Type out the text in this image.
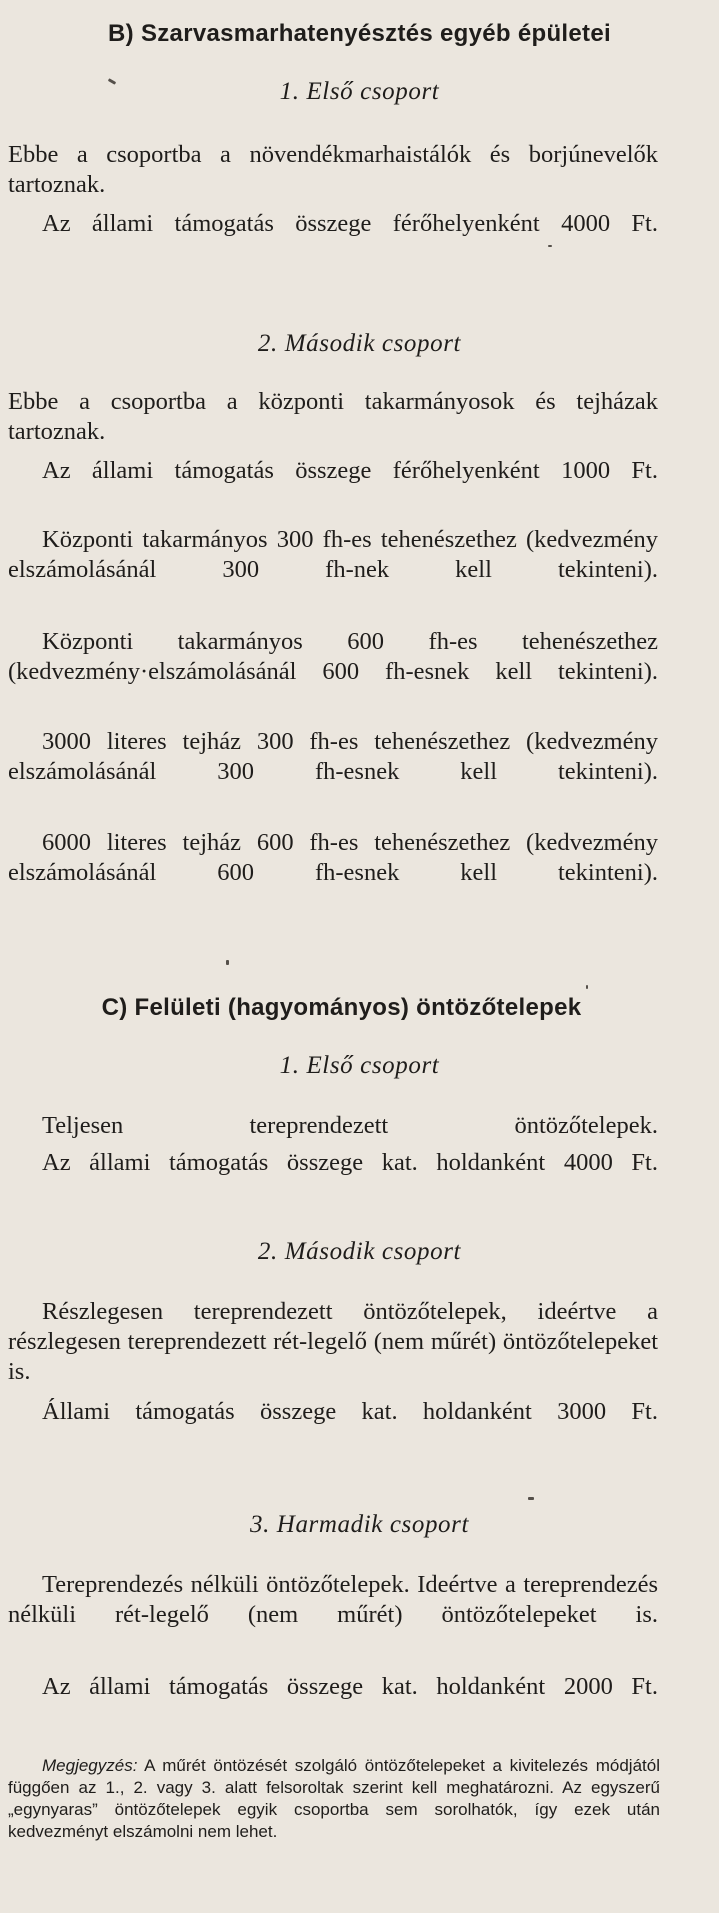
B) Szarvasmarhatenyésztés egyéb épületei
1. Első csoport
Ebbe a csoportba a növendékmarhaistálók és borjúnevelők tartoznak.
Az állami támogatás összege férőhelyenként 4000 Ft.
2. Második csoport
Ebbe a csoportba a központi takarmányosok és tejházak tartoznak.
Az állami támogatás összege férőhelyenként 1000 Ft.
Központi takarmányos 300 fh-es tehenészethez (kedvezmény elszámolásánál 300 fh-nek kell tekinteni).
Központi takarmányos 600 fh-es tehenészethez (kedvezmény·elszámolásánál 600 fh-esnek kell tekinteni).
3000 literes tejház 300 fh-es tehenészethez (kedvezmény elszámolásánál 300 fh-esnek kell tekinteni).
6000 literes tejház 600 fh-es tehenészethez (kedvezmény elszámolásánál 600 fh-esnek kell tekinteni).
C) Felületi (hagyományos) öntözőtelepek
1. Első csoport
Teljesen tereprendezett öntözőtelepek.
Az állami támogatás összege kat. holdanként 4000 Ft.
2. Második csoport
Részlegesen tereprendezett öntözőtelepek, ideértve a részlegesen tereprendezett rét-legelő (nem műrét) öntözőtelepeket is.
Állami támogatás összege kat. holdanként 3000 Ft.
3. Harmadik csoport
Tereprendezés nélküli öntözőtelepek. Ideértve a tereprendezés nélküli rét-legelő (nem műrét) öntözőtelepeket is.
Az állami támogatás összege kat. holdanként 2000 Ft.
Megjegyzés: A műrét öntözését szolgáló öntözőtelepeket a kivitelezés módjától függően az 1., 2. vagy 3. alatt felsoroltak szerint kell meghatározni. Az egyszerű „egynyaras” öntözőtelepek egyik csoportba sem sorolhatók, így ezek után kedvezményt elszámolni nem lehet.
